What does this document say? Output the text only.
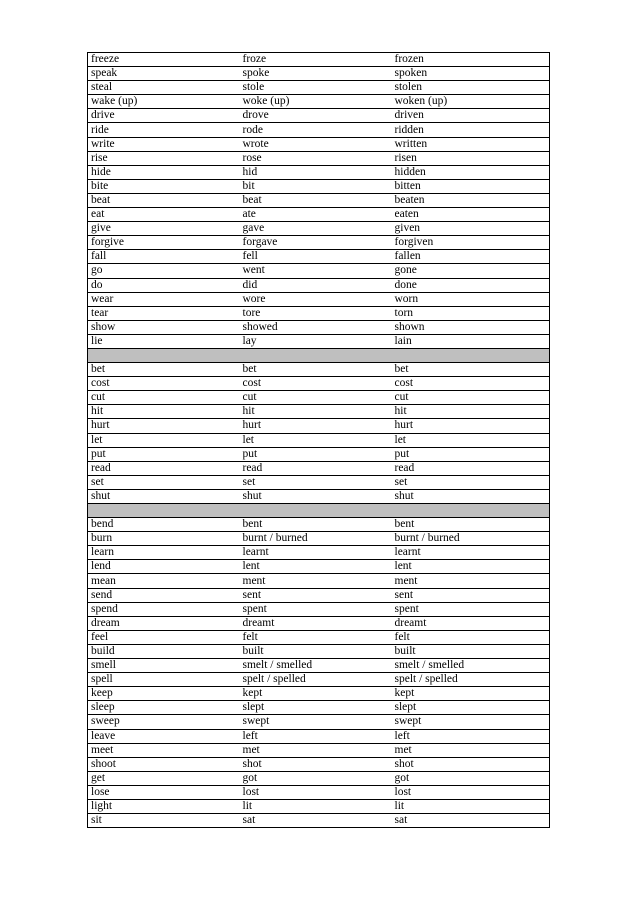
freeze	froze	frozen
speak	spoke	spoken
steal	stole	stolen
wake (up)	woke (up)	woken (up)
drive	drove	driven
ride	rode	ridden
write	wrote	written
rise	rose	risen
hide	hid	hidden
bite	bit	bitten
beat	beat	beaten
eat	ate	eaten
give	gave	given
forgive	forgave	forgiven
fall	fell	fallen
go	went	gone
do	did	done
wear	wore	worn
tear	tore	torn
show	showed	shown
lie	lay	lain

bet	bet	bet
cost	cost	cost
cut	cut	cut
hit	hit	hit
hurt	hurt	hurt
let	let	let
put	put	put
read	read	read
set	set	set
shut	shut	shut

bend	bent	bent
burn	burnt / burned	burnt / burned
learn	learnt	learnt
lend	lent	lent
mean	ment	ment
send	sent	sent
spend	spent	spent
dream	dreamt	dreamt
feel	felt	felt
build	built	built
smell	smelt / smelled	smelt / smelled
spell	spelt / spelled	spelt / spelled
keep	kept	kept
sleep	slept	slept
sweep	swept	swept
leave	left	left
meet	met	met
shoot	shot	shot
get	got	got
lose	lost	lost
light	lit	lit
sit	sat	sat
